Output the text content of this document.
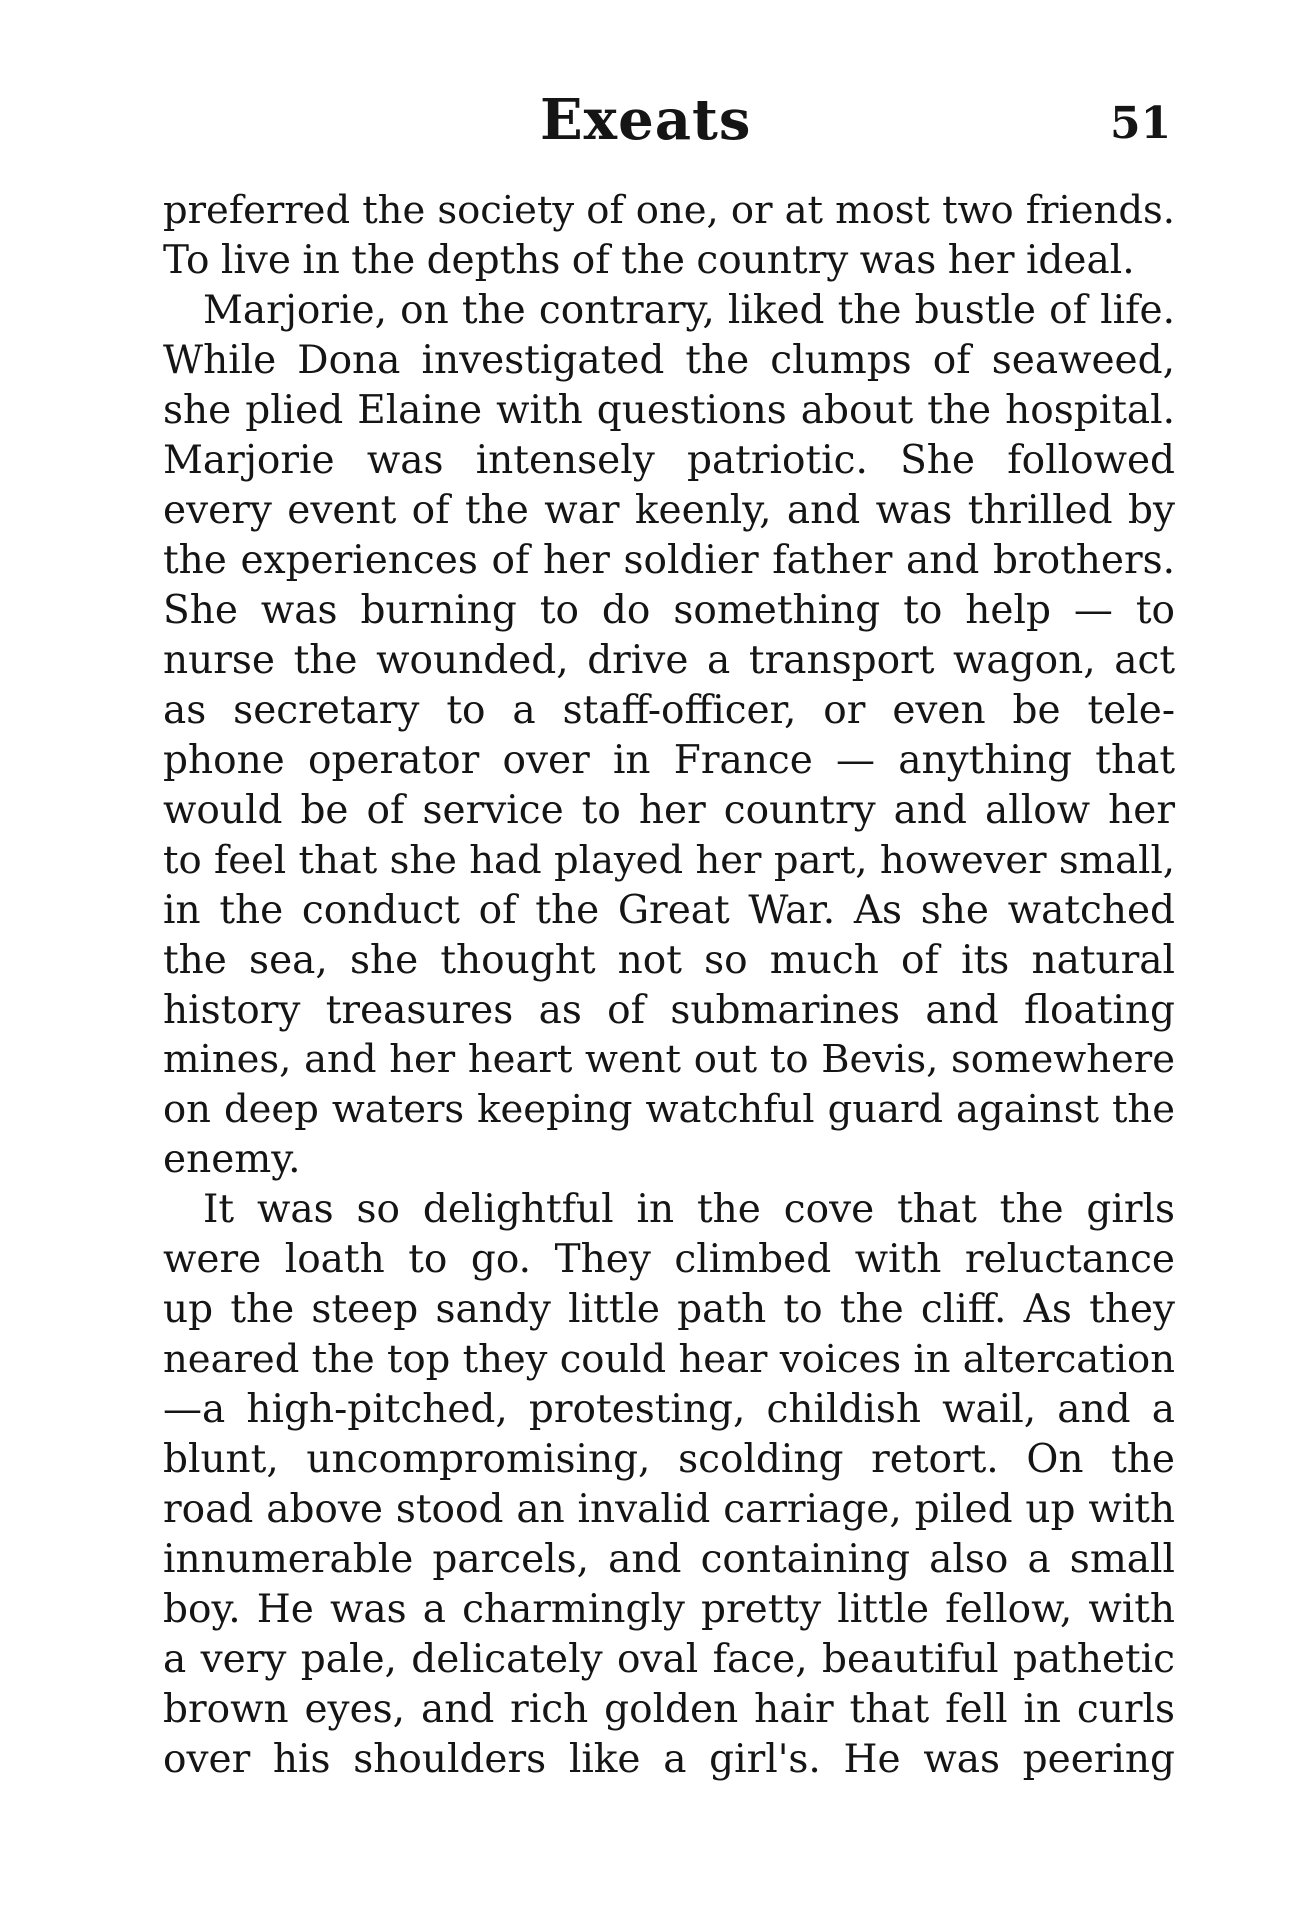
Exeats	51
preferred the society of one, or at most two friends.
To live in the depths of the country was her ideal.
Marjorie, on the contrary, liked the bustle of life.
While Dona investigated the clumps of seaweed,
she plied Elaine with questions about the hospital.
Marjorie was intensely patriotic. She followed
every event of the war keenly, and was thrilled by
the experiences of her soldier father and brothers.
She was burning to do something to help — to
nurse the wounded, drive a transport wagon, act
as secretary to a staff-officer, or even be tele-
phone operator over in France — anything that
would be of service to her country and allow her
to feel that she had played her part, however small,
in the conduct of the Great War. As she watched
the sea, she thought not so much of its natural
history treasures as of submarines and floating
mines, and her heart went out to Bevis, somewhere
on deep waters keeping watchful guard against the
enemy.
It was so delightful in the cove that the girls
were loath to go. They climbed with reluctance
up the steep sandy little path to the cliff. As they
neared the top they could hear voices in altercation
—a high-pitched, protesting, childish wail, and a
blunt, uncompromising, scolding retort. On the
road above stood an invalid carriage, piled up with
innumerable parcels, and containing also a small
boy. He was a charmingly pretty little fellow, with
a very pale, delicately oval face, beautiful pathetic
brown eyes, and rich golden hair that fell in curls
over his shoulders like a girl's. He was peering
